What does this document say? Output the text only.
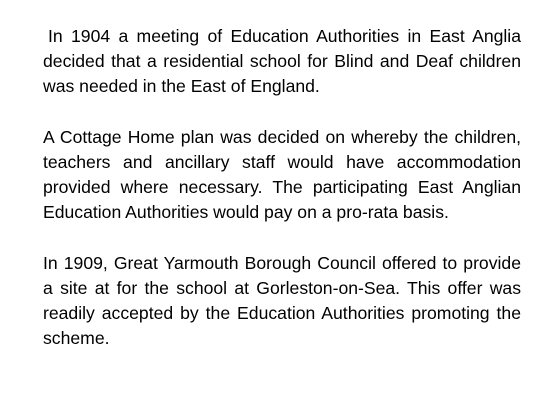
In 1904 a meeting of Education Authorities in East Anglia decided that a residential school for Blind and Deaf children was needed in the East of England.

A Cottage Home plan was decided on whereby the children, teachers and ancillary staff would have accommodation provided where necessary. The participating East Anglian Education Authorities would pay on a pro-rata basis.

In 1909, Great Yarmouth Borough Council offered to provide a site at for the school at Gorleston-on-Sea. This offer was readily accepted by the Education Authorities promoting the scheme.
